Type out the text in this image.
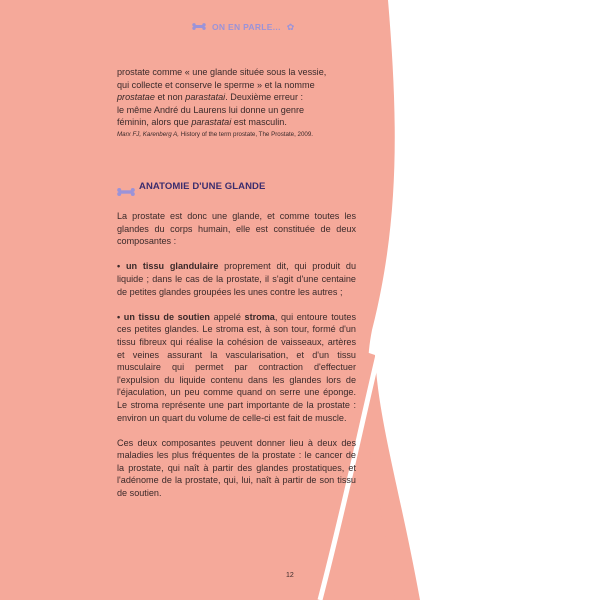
ON EN PARLE... ✿

prostate comme « une glande située sous la vessie,

qui collecte et conserve le sperme » et la nomme

prostatae et non parastatai. Deuxième erreur :

le même André du Laurens lui donne un genre

féminin, alors que parastatai est masculin.

Marx FJ, Karenberg A, History of the term prostate, The Prostate, 2009.

ANATOMIE D'UNE GLANDE

La prostate est donc une glande, et comme toutes les glandes du corps humain, elle est constituée de deux composantes :

• un tissu glandulaire proprement dit, qui produit du liquide ; dans le cas de la prostate, il s'agit d'une centaine de petites glandes groupées les unes contre les autres ;

• un tissu de soutien appelé stroma, qui entoure toutes ces petites glandes. Le stroma est, à son tour, formé d'un tissu fibreux qui réalise la cohésion de vaisseaux, artères et veines assurant la vascularisation, et d'un tissu musculaire qui permet par contraction d'effectuer l'expulsion du liquide contenu dans les glandes lors de l'éjaculation, un peu comme quand on serre une éponge. Le stroma représente une part importante de la prostate : environ un quart du volume de celle-ci est fait de muscle.

Ces deux composantes peuvent donner lieu à deux des maladies les plus fréquentes de la prostate : le cancer de la prostate, qui naît à partir des glandes prostatiques, et l'adénome de la prostate, qui, lui, naît à partir de son tissu de soutien.

12
